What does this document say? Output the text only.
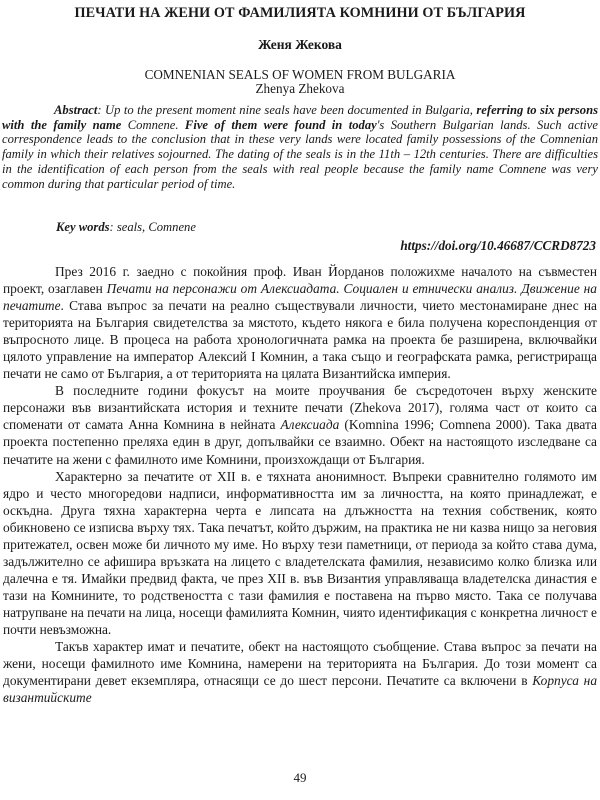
ПЕЧАТИ НА ЖЕНИ ОТ ФАМИЛИЯТА КОМНИНИ ОТ БЪЛГАРИЯ
Женя Жекова
COMNENIAN SEALS OF WOMEN FROM BULGARIA
Zhenya Zhekova
Abstract: Up to the present moment nine seals have been documented in Bulgaria, referring to six persons with the family name Comnene. Five of them were found in today's Southern Bulgarian lands. Such active correspondence leads to the conclusion that in these very lands were located family possessions of the Comnenian family in which their relatives sojourned. The dating of the seals is in the 11th – 12th centuries. There are difficulties in the identification of each person from the seals with real people because the family name Comnene was very common during that particular period of time.
Key words: seals, Comnene
https://doi.org/10.46687/CCRD8723

През 2016 г. заедно с покойния проф. Иван Йорданов положихме началото на съвместен проект, озаглавен Печати на персонажи от Алексиадата. Социален и етнически анализ. Движение на печатите. Става въпрос за печати на реално съществували личности, чието местонамиране днес на територията на България свидетелства за мястото, където някога е била получена кореспонденция от въпросното лице. В процеса на работа хронологичната рамка на проекта бе разширена, включвайки цялото управление на император Алексий I Комнин, а така също и географската рамка, регистрираща печати не само от България, а от територията на цялата Византийска империя.

В последните години фокусът на моите проучвания бе съсредоточен върху женските персонажи във византийската история и техните печати (Zhekova 2017), голяма част от които са споменати от самата Анна Комнина в нейната Алексиада (Komnina 1996; Comnena 2000). Така двата проекта постепенно преляха един в друг, допълвайки се взаимно. Обект на настоящото изследване са печатите на жени с фамилното име Комнини, произхождащи от България.

Характерно за печатите от XII в. е тяхната анонимност. Въпреки сравнително голямото им ядро и често многоредови надписи, информативността им за личността, на която принадлежат, е оскъдна. Друга тяхна характерна черта е липсата на длъжността на техния собственик, която обикновено се изписва върху тях. Така печатът, който държим, на практика не ни казва нищо за неговия притежател, освен може би личното му име. Но върху тези паметници, от периода за който става дума, задължително се афишира връзката на лицето с владетелската фамилия, независимо колко близка или далечна е тя. Имайки предвид факта, че през XII в. във Византия управляваща владетелска династия е тази на Комнините, то родствеността с тази фамилия е поставена на първо място. Така се получава натрупване на печати на лица, носещи фамилията Комнин, чиято идентификация с конкретна личност е почти невъзможна.

Такъв характер имат и печатите, обект на настоящото съобщение. Става въпрос за печати на жени, носещи фамилното име Комнина, намерени на територията на България. До този момент са документирани девет екземпляра, отнасящи се до шест персони. Печатите са включени в Корпуса на византийските

49
